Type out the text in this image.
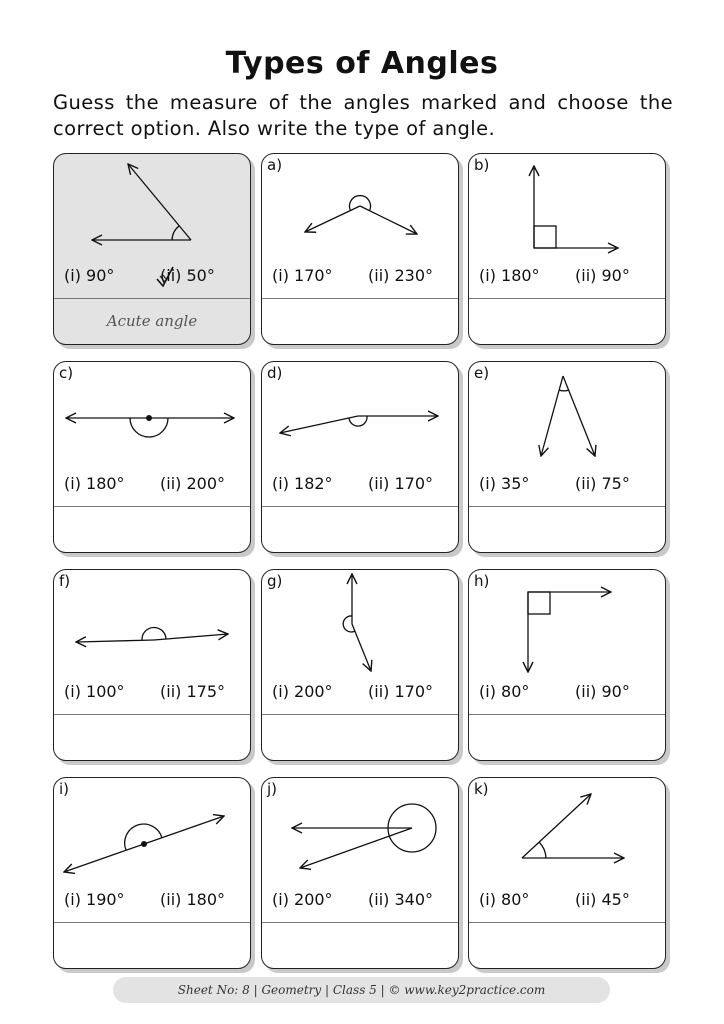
Types of Angles
Guess the measure of the angles marked and choose the correct option. Also write the type of angle.
(i) 90°	(ii) 50°
Acute angle
a)
(i) 170° (ii) 230°
b)
(i) 180° (ii) 90°
c)
(i) 180° (ii) 200°
d)
(i) 182° (ii) 170°
e)
(i) 35°	(ii) 75°
f)
(i) 100° (ii) 175°
g)
(i) 200° (ii) 170°
h)
(i) 80°	(ii) 90°
i)
(i) 190° (ii) 180°
j)
(i) 200° (ii) 340°
k)
(i) 80°	(ii) 45°
Sheet No: 8 | Geometry | Class 5 | © www.key2practice.com
